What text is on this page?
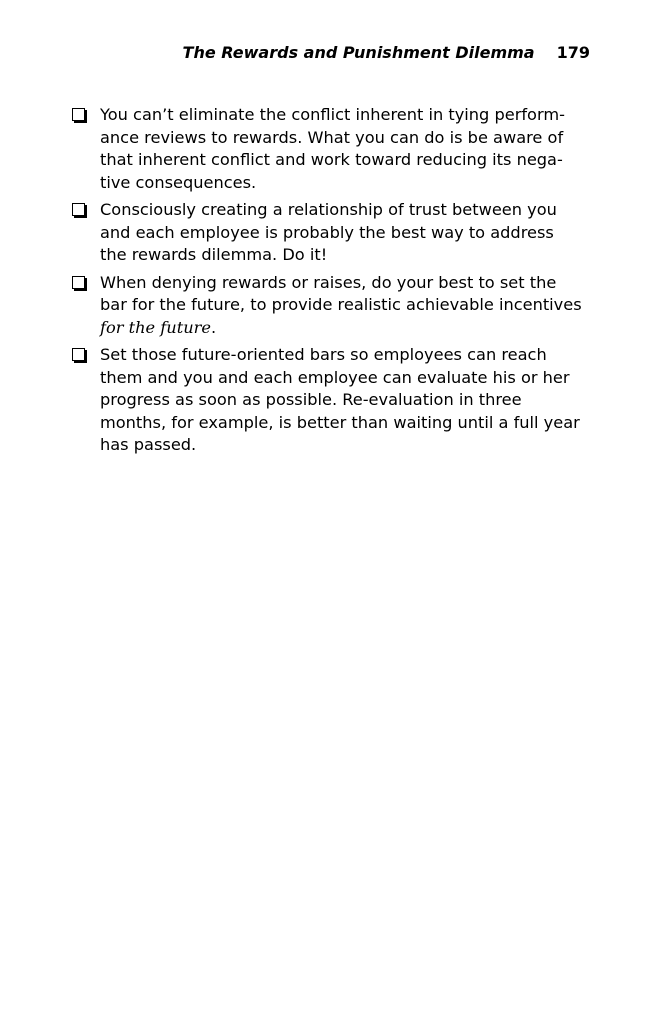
The Rewards and Punishment Dilemma 179
You can’t eliminate the conflict inherent in tying perform-
ance reviews to rewards. What you can do is be aware of
that inherent conflict and work toward reducing its nega-
tive consequences.
Consciously creating a relationship of trust between you
and each employee is probably the best way to address
the rewards dilemma. Do it!
When denying rewards or raises, do your best to set the
bar for the future, to provide realistic achievable incentives
for the future.
Set those future-oriented bars so employees can reach
them and you and each employee can evaluate his or her
progress as soon as possible. Re-evaluation in three
months, for example, is better than waiting until a full year
has passed.
